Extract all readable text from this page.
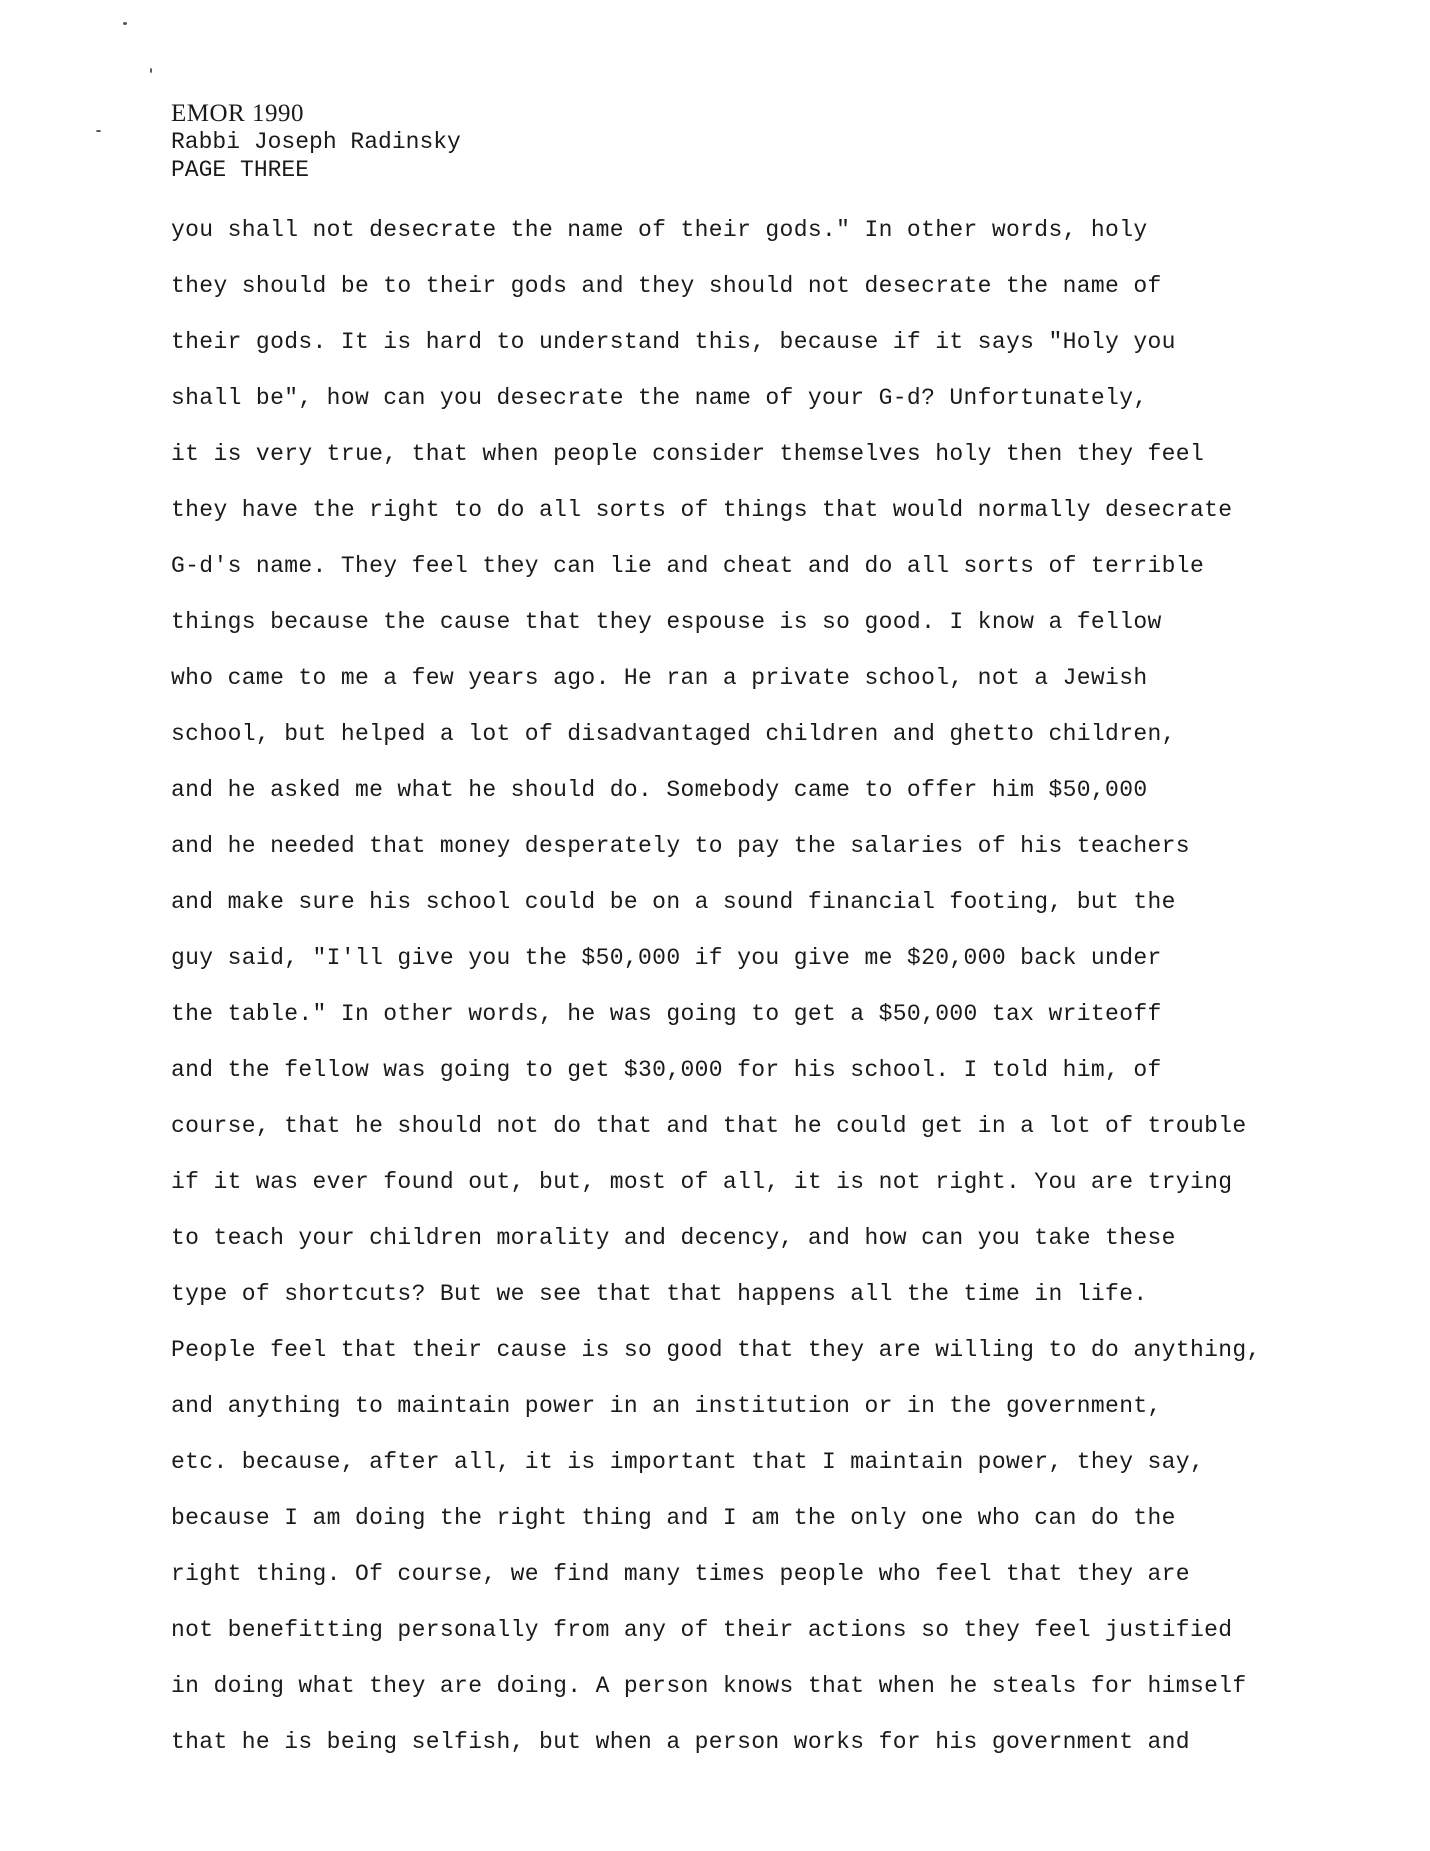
EMOR 1990
Rabbi Joseph Radinsky
PAGE THREE
you shall not desecrate the name of their gods." In other words, holy
they should be to their gods and they should not desecrate the name of
their gods. It is hard to understand this, because if it says "Holy you
shall be", how can you desecrate the name of your G-d? Unfortunately,
it is very true, that when people consider themselves holy then they feel
they have the right to do all sorts of things that would normally desecrate
G-d's name. They feel they can lie and cheat and do all sorts of terrible
things because the cause that they espouse is so good. I know a fellow
who came to me a few years ago. He ran a private school, not a Jewish
school, but helped a lot of disadvantaged children and ghetto children,
and he asked me what he should do. Somebody came to offer him $50,000
and he needed that money desperately to pay the salaries of his teachers
and make sure his school could be on a sound financial footing, but the
guy said, "I'll give you the $50,000 if you give me $20,000 back under
the table." In other words, he was going to get a $50,000 tax writeoff
and the fellow was going to get $30,000 for his school. I told him, of
course, that he should not do that and that he could get in a lot of trouble
if it was ever found out, but, most of all, it is not right. You are trying
to teach your children morality and decency, and how can you take these
type of shortcuts? But we see that that happens all the time in life.
People feel that their cause is so good that they are willing to do anything,
and anything to maintain power in an institution or in the government,
etc. because, after all, it is important that I maintain power, they say,
because I am doing the right thing and I am the only one who can do the
right thing. Of course, we find many times people who feel that they are
not benefitting personally from any of their actions so they feel justified
in doing what they are doing. A person knows that when he steals for himself
that he is being selfish, but when a person works for his government and
